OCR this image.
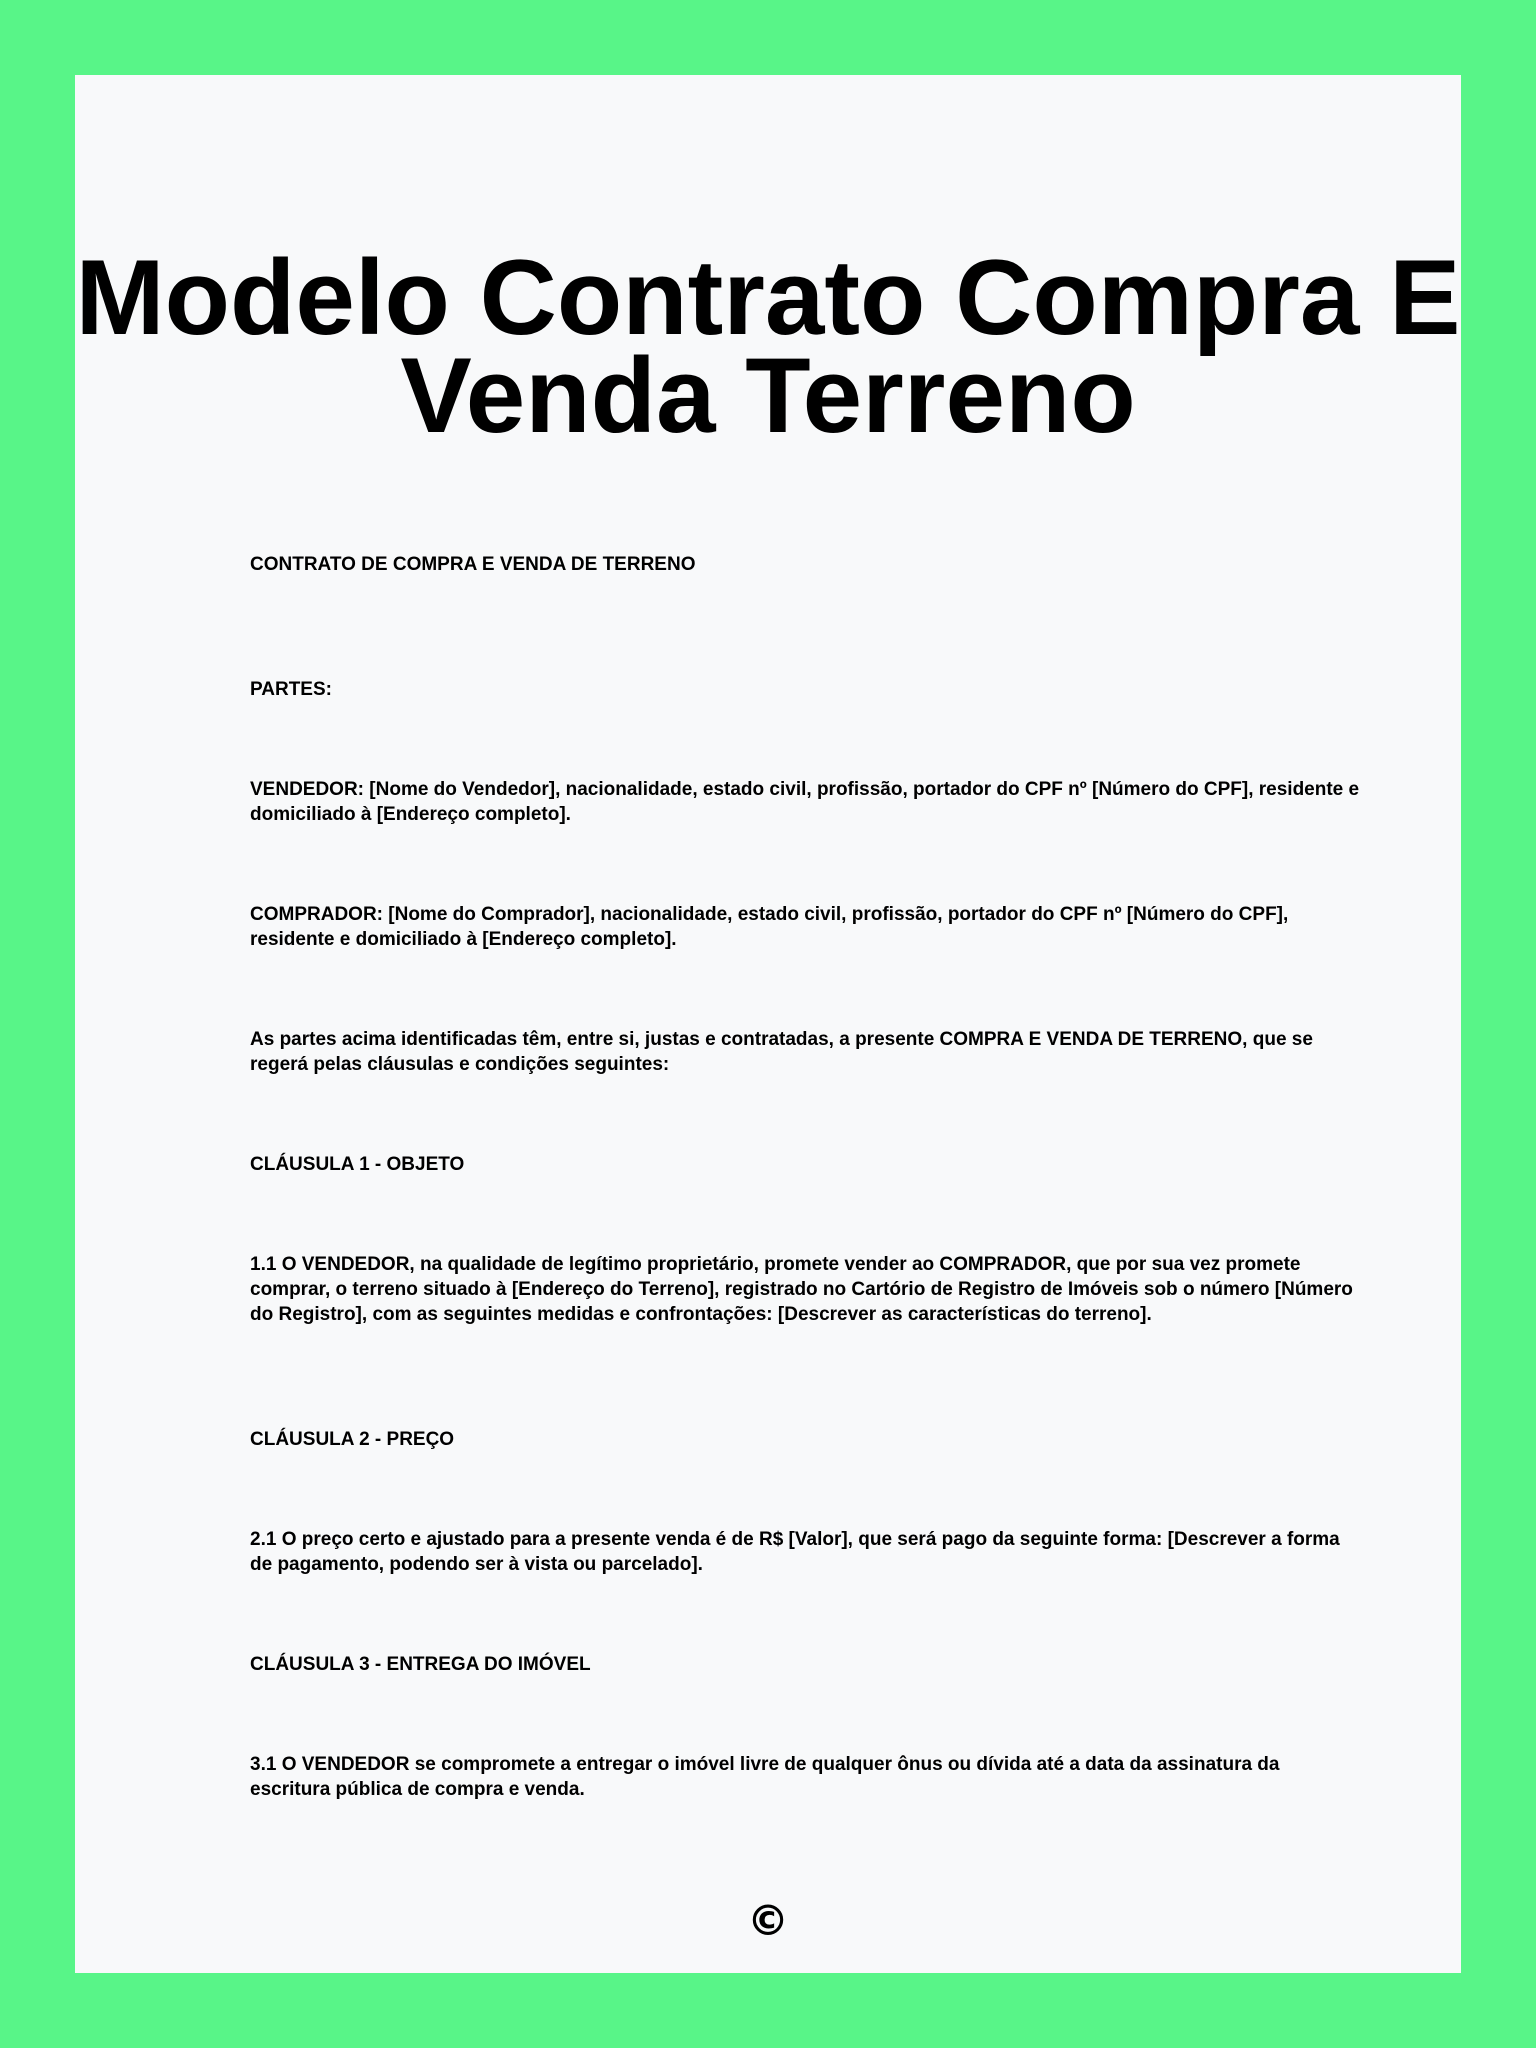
Modelo Contrato Compra E
Venda Terreno

CONTRATO DE COMPRA E VENDA DE TERRENO

PARTES:

VENDEDOR: [Nome do Vendedor], nacionalidade, estado civil, profissão, portador do CPF nº [Número do CPF], residente e domiciliado à [Endereço completo].

COMPRADOR: [Nome do Comprador], nacionalidade, estado civil, profissão, portador do CPF nº [Número do CPF], residente e domiciliado à [Endereço completo].

As partes acima identificadas têm, entre si, justas e contratadas, a presente COMPRA E VENDA DE TERRENO, que se regerá pelas cláusulas e condições seguintes:

CLÁUSULA 1 - OBJETO

1.1 O VENDEDOR, na qualidade de legítimo proprietário, promete vender ao COMPRADOR, que por sua vez promete comprar, o terreno situado à [Endereço do Terreno], registrado no Cartório de Registro de Imóveis sob o número [Número do Registro], com as seguintes medidas e confrontações: [Descrever as características do terreno].

CLÁUSULA 2 - PREÇO

2.1 O preço certo e ajustado para a presente venda é de R$ [Valor], que será pago da seguinte forma: [Descrever a forma de pagamento, podendo ser à vista ou parcelado].

CLÁUSULA 3 - ENTREGA DO IMÓVEL

3.1 O VENDEDOR se compromete a entregar o imóvel livre de qualquer ônus ou dívida até a data da assinatura da escritura pública de compra e venda.

©
